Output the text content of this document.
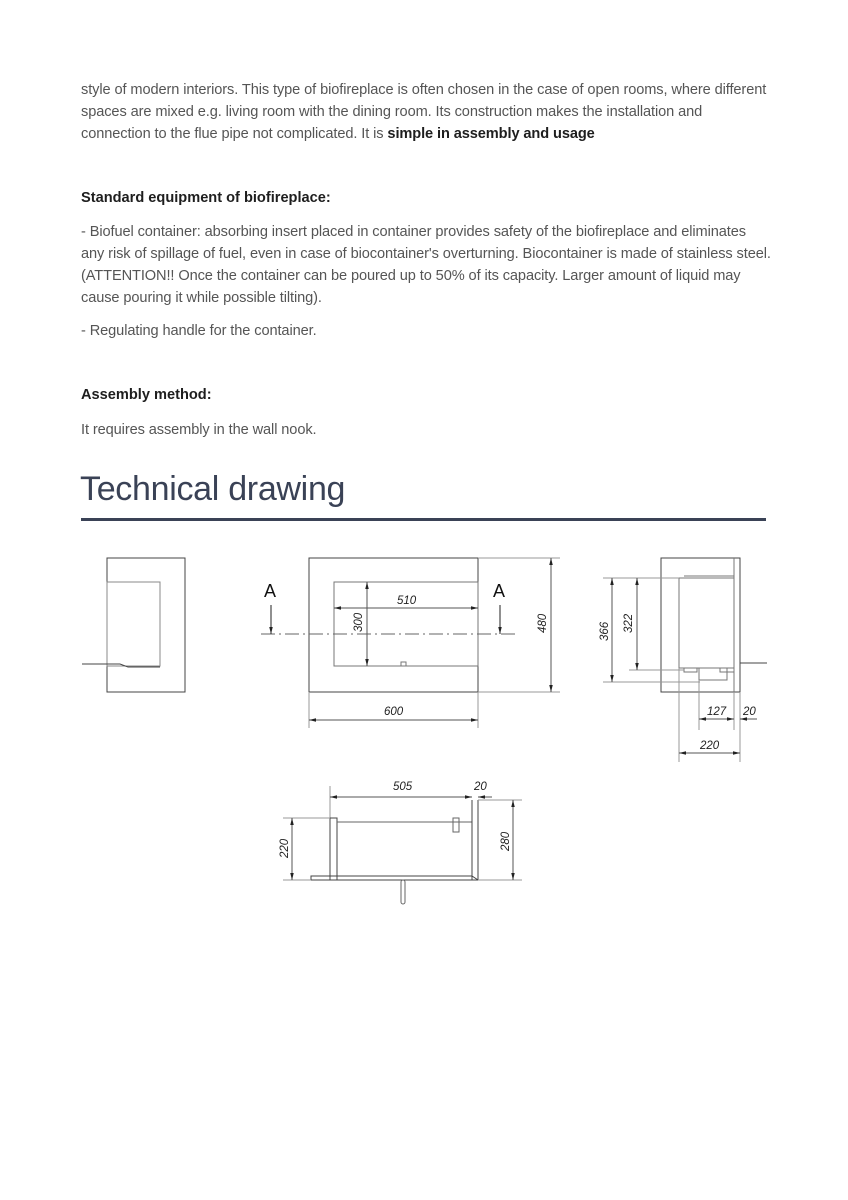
style of modern interiors. This type of biofireplace is often chosen in the case of open rooms, where different spaces are mixed e.g. living room with the dining room. Its construction makes the installation and connection to the flue pipe not complicated. It is simple in assembly and usage
Standard equipment of biofireplace:
- Biofuel container: absorbing insert placed in container provides safety of the biofireplace and eliminates any risk of spillage of fuel, even in case of biocontainer's overturning. Biocontainer is made of stainless steel. (ATTENTION!! Once the container can be poured up to 50% of its capacity. Larger amount of liquid may cause pouring it while possible tilting).
- Regulating handle for the container.
Assembly method:
It requires assembly in the wall nook.
Technical drawing
A	A
510
300	480
600
366 322
127 20
220
505	20
220	280
